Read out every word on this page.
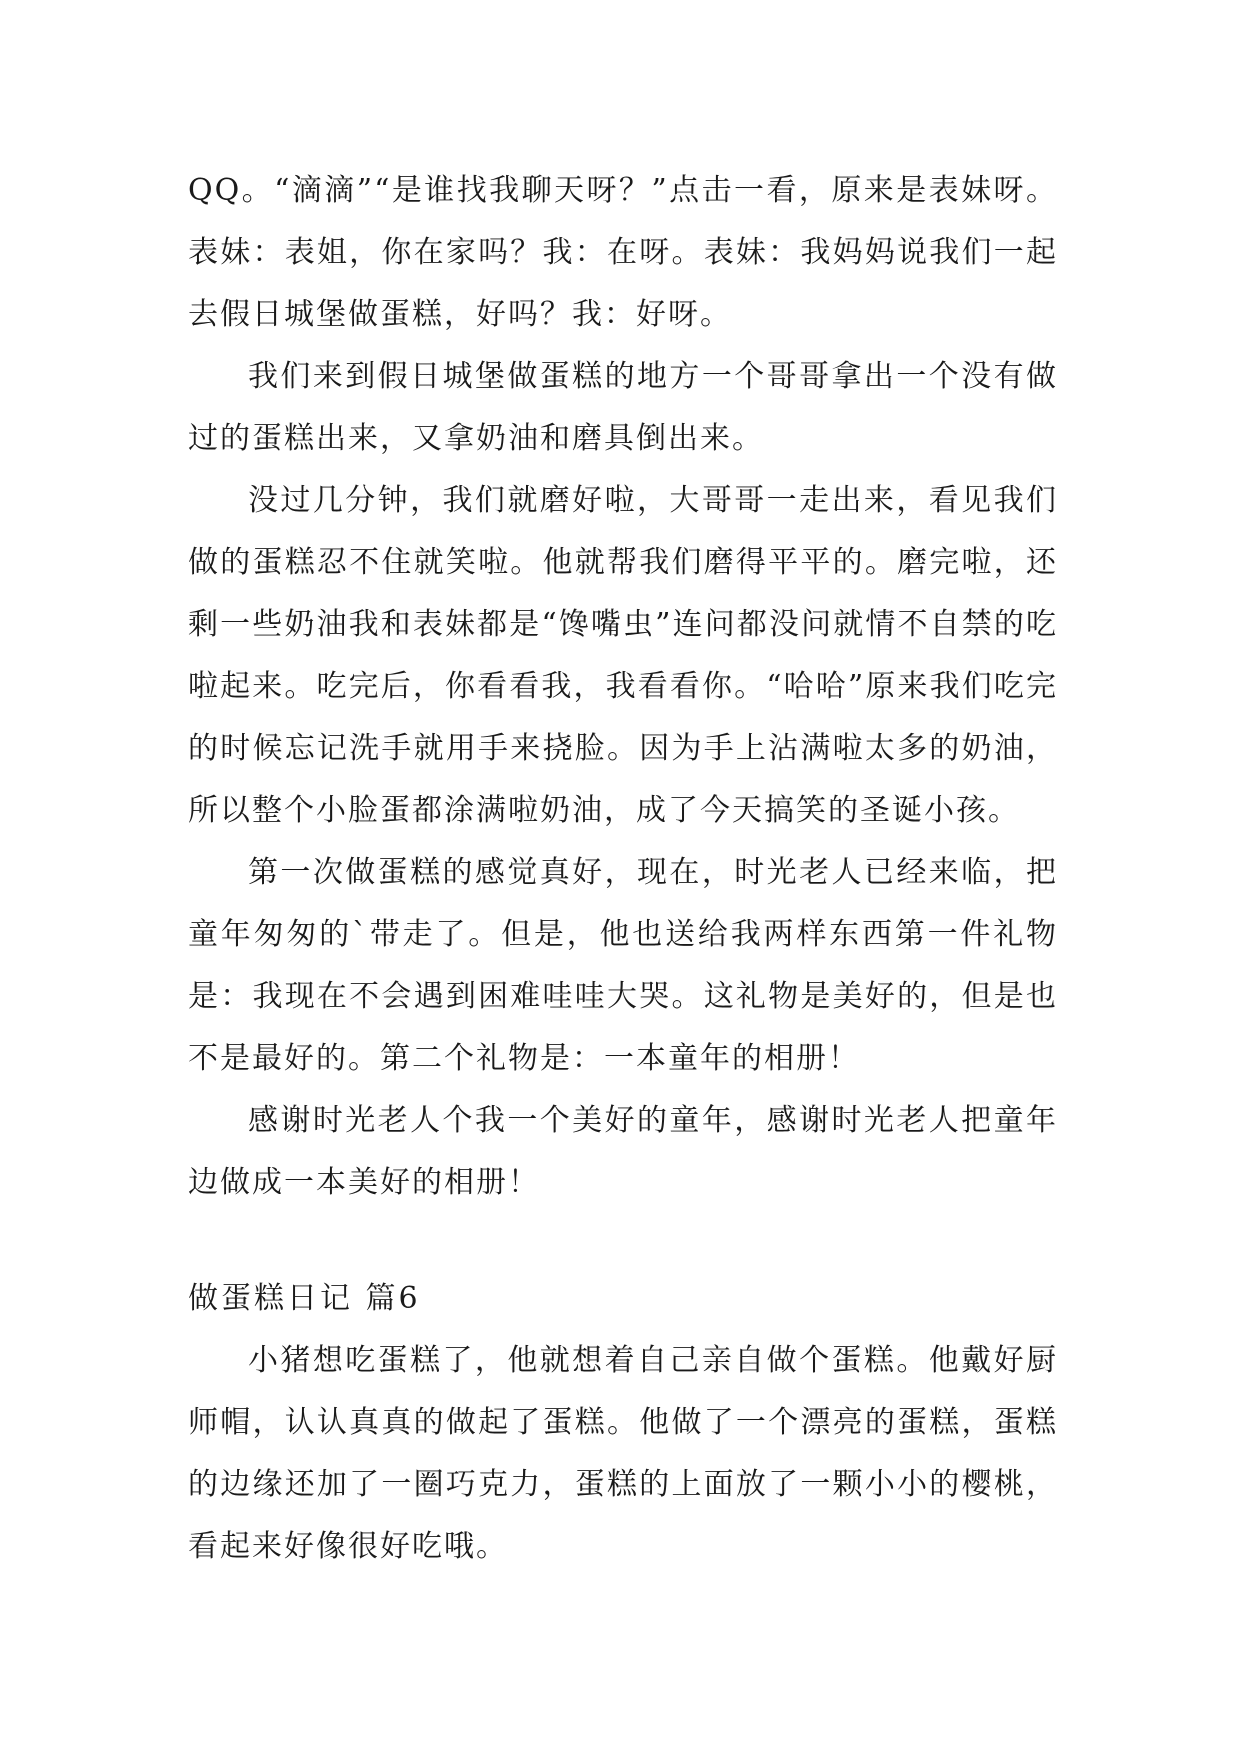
QQ。“滴滴”“是谁找我聊天呀？”点击一看，原来是表妹呀。表妹：表姐，你在家吗？我：在呀。表妹：我妈妈说我们一起去假日城堡做蛋糕，好吗？我：好呀。

我们来到假日城堡做蛋糕的地方一个哥哥拿出一个没有做过的蛋糕出来，又拿奶油和磨具倒出来。

没过几分钟，我们就磨好啦，大哥哥一走出来，看见我们做的蛋糕忍不住就笑啦。他就帮我们磨得平平的。磨完啦，还剩一些奶油我和表妹都是“馋嘴虫”连问都没问就情不自禁的吃啦起来。吃完后，你看看我，我看看你。“哈哈”原来我们吃完的时候忘记洗手就用手来挠脸。因为手上沾满啦太多的奶油，所以整个小脸蛋都涂满啦奶油，成了今天搞笑的圣诞小孩。

第一次做蛋糕的感觉真好，现在，时光老人已经来临，把童年匆匆的`带走了。但是，他也送给我两样东西第一件礼物是：我现在不会遇到困难哇哇大哭。这礼物是美好的，但是也不是最好的。第二个礼物是：一本童年的相册！

感谢时光老人个我一个美好的童年，感谢时光老人把童年边做成一本美好的相册！

做蛋糕日记 篇6

小猪想吃蛋糕了，他就想着自己亲自做个蛋糕。他戴好厨师帽，认认真真的做起了蛋糕。他做了一个漂亮的蛋糕，蛋糕的边缘还加了一圈巧克力，蛋糕的上面放了一颗小小的樱桃，看起来好像很好吃哦。
